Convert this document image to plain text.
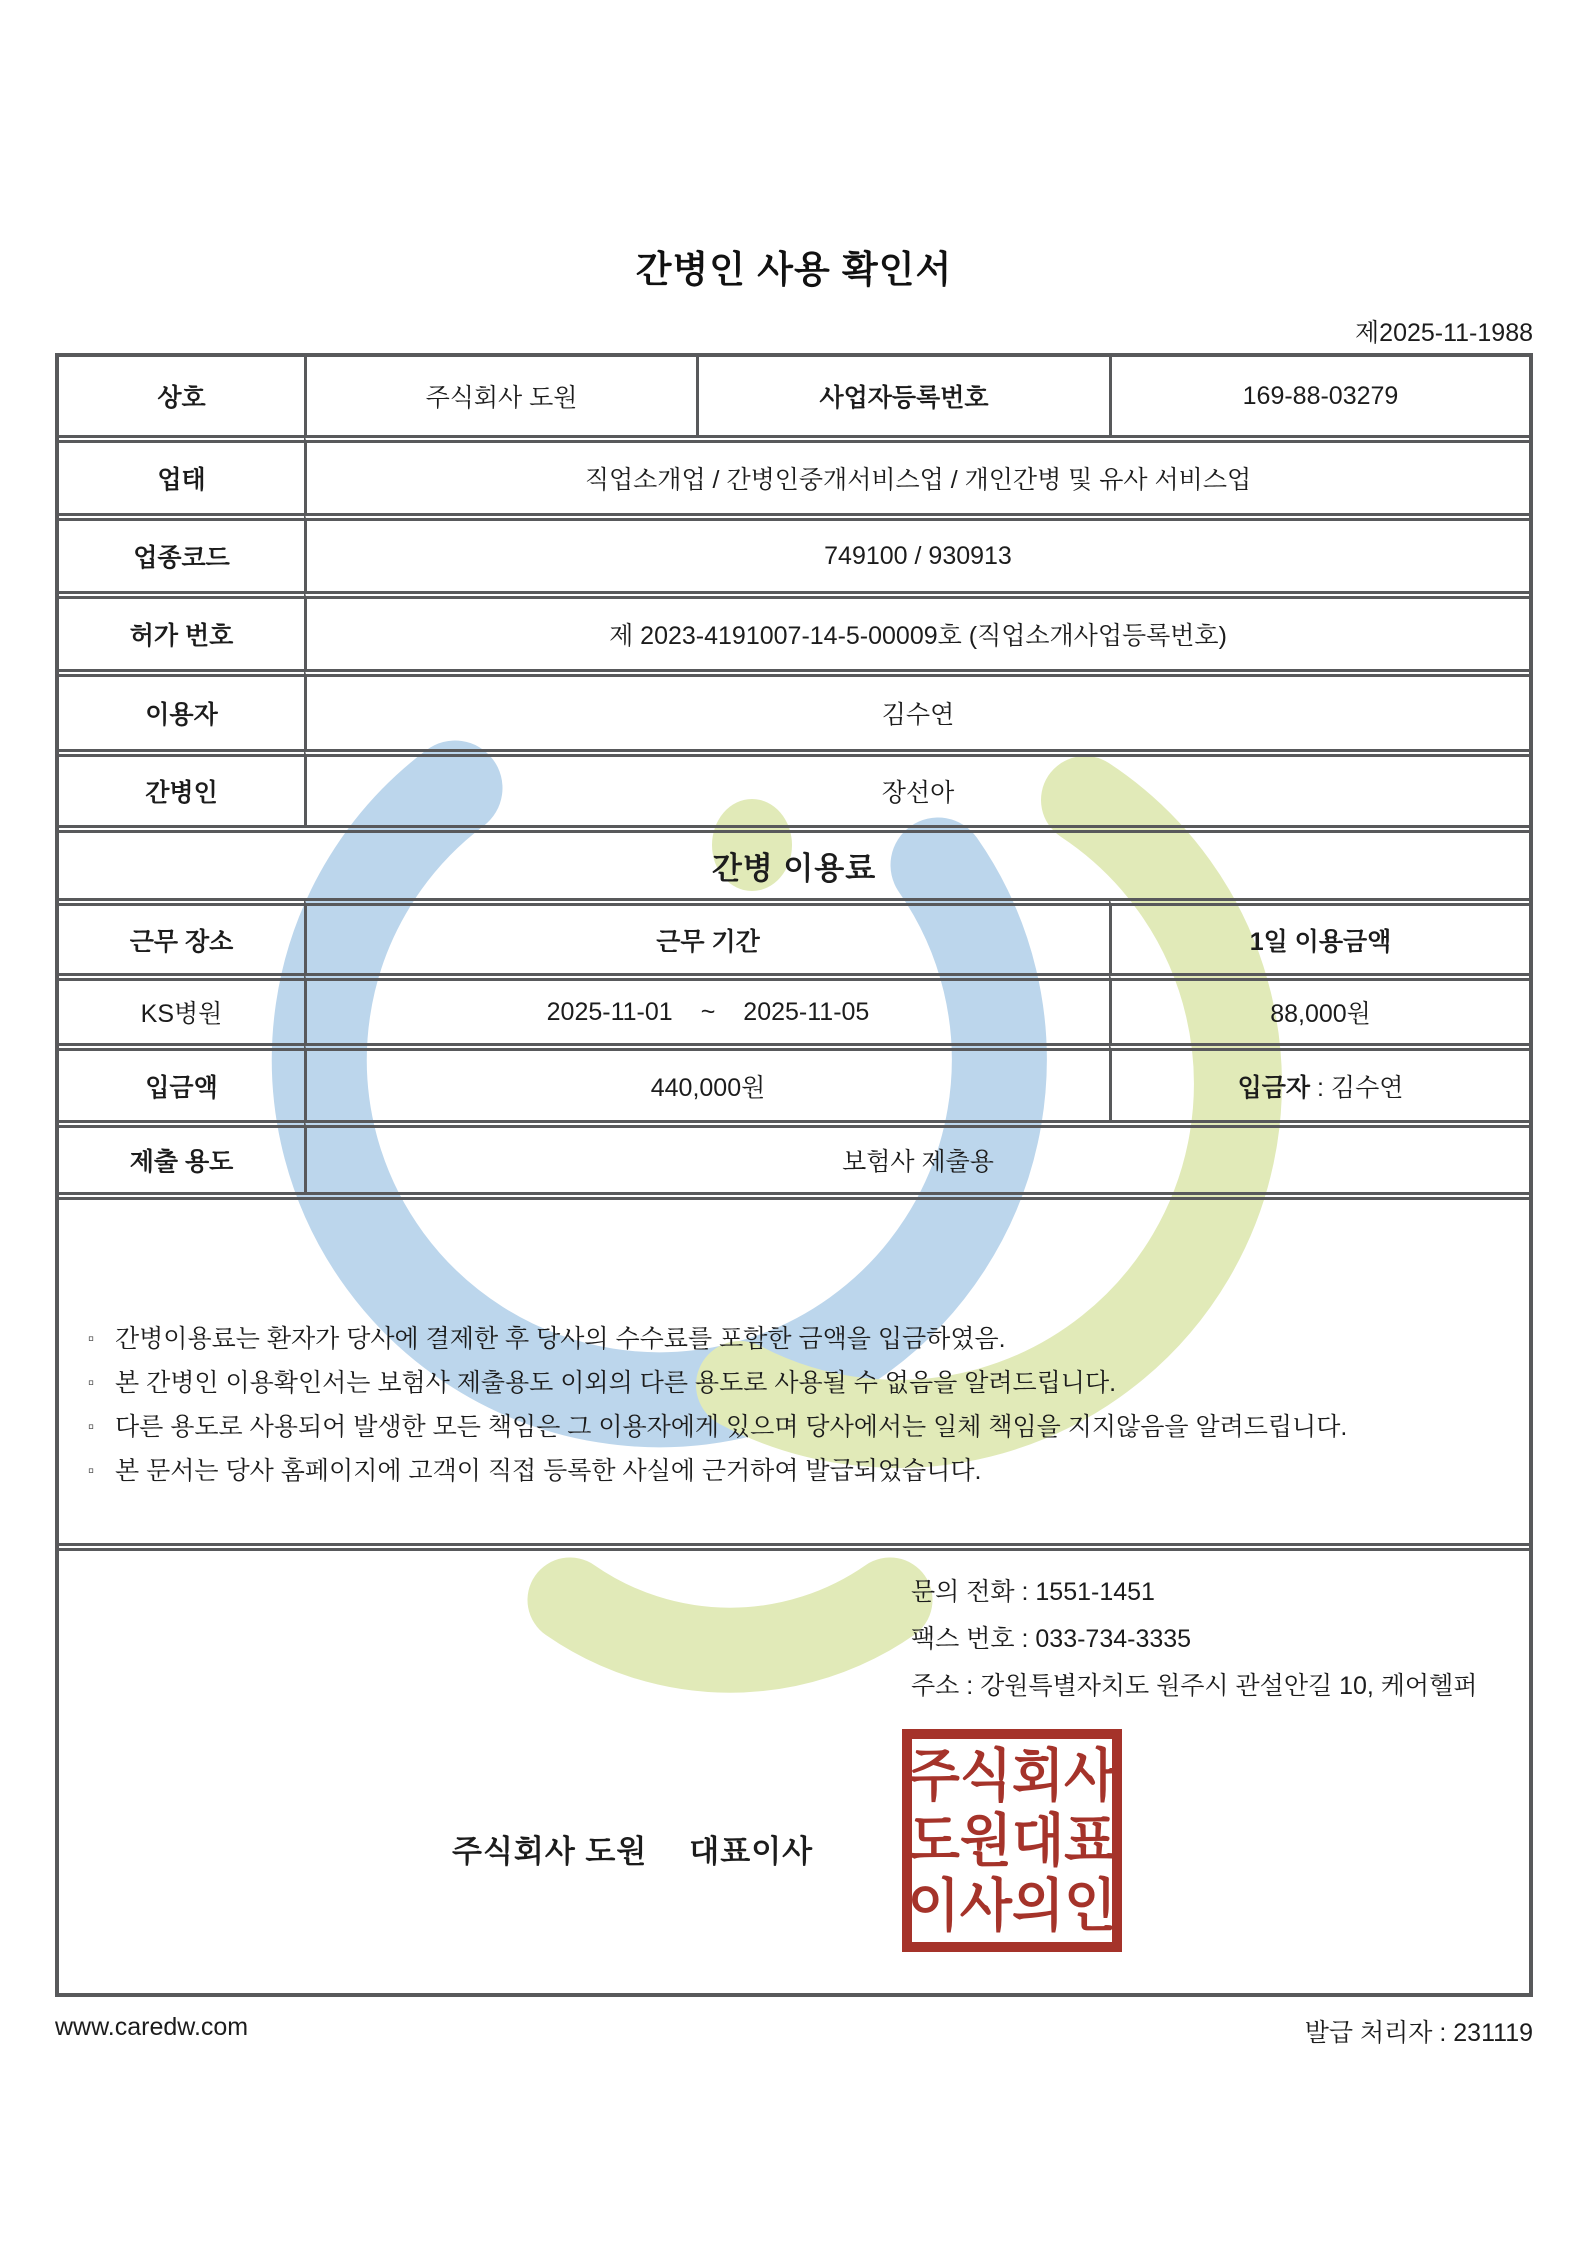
간병인 사용 확인서
제2025-11-1988
상호	주식회사 도원	사업자등록번호	169-88-03279
업태	직업소개업 / 간병인중개서비스업 / 개인간병 및 유사 서비스업		
업종코드	749100 / 930913		
허가 번호	제 2023-4191007-14-5-00009호 (직업소개사업등록번호)		
이용자	김수연		
간병인	장선아		
간병 이용료			
근무 장소	근무 기간		1일 이용금액
KS병원	2025-11-01 ~ 2025-11-05		88,000원
입금액	440,000원		입금자 : 김수연

제출 용도	보험사 제출용		

▫ 간병이용료는 환자가 당사에 결제한 후 당사의 수수료를 포함한 금액을 입금하였음.
▫ 본 간병인 이용확인서는 보험사 제출용도 이외의 다른 용도로 사용될 수 없음을 알려드립니다.
▫ 다른 용도로 사용되어 발생한 모든 책임은 그 이용자에게 있으며 당사에서는 일체 책임을 지지않음을 알려드립니다.
▫ 본 문서는 당사 홈페이지에 고객이 직접 등록한 사실에 근거하여 발급되었습니다.

문의 전화 : 1551-1451
팩스 번호 : 033-734-3335
주소 : 강원특별자치도 원주시 관설안길 10, 케어헬퍼
주식회사 도원 대표이사
주식회사
도원대표
이사의인
www.caredw.com	발급 처리자 : 231119
